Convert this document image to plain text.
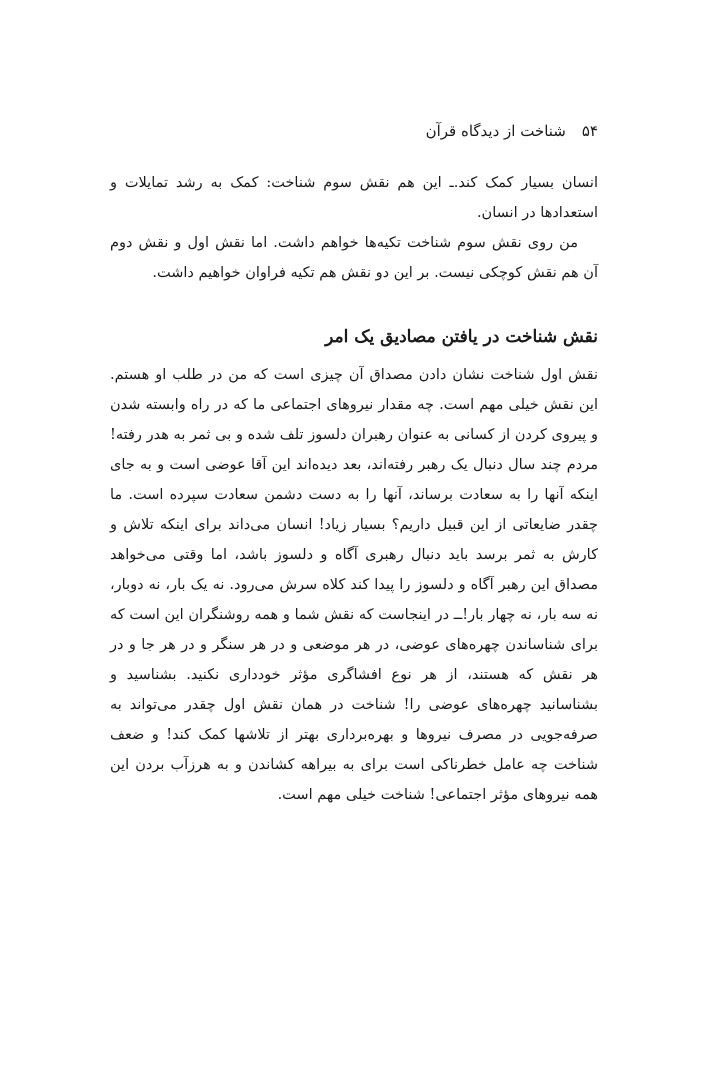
۵۴
شناخت از دیدگاه قرآن

انسان بسیار کمک کند.ـ این هم نقش سوم شناخت: کمک به رشد تمایلات و استعدادها در انسان.

من روی نقش سوم شناخت تکیه‌ها خواهم داشت. اما نقش اول و نقش دوم آن هم نقش کوچکی نیست. بر این دو نقش هم تکیه فراوان خواهیم داشت.

نقش شناخت در یافتن مصادیق یک امر

نقش اول شناخت نشان دادن مصداق آن چیزی است که من در طلب او هستم. این نقش خیلی مهم است. چه مقدار نیروهای اجتماعی ما که در راه وابسته شدن و پیروی کردن از کسانی به عنوان رهبران دلسوز تلف شده و بی ثمر به هدر رفته! مردم چند سال دنبال یک رهبر رفته‌اند، بعد دیده‌اند این آقا عوضی است و به جای اینکه آنها را به سعادت برساند، آنها را به دست دشمن سعادت سپرده است. ما چقدر ضایعاتی از این قبیل داریم؟ بسیار زیاد! انسان می‌داند برای اینکه تلاش و کارش به ثمر برسد باید دنبال رهبری آگاه و دلسوز باشد، اما وقتی می‌خواهد مصداق این رهبر آگاه و دلسوز را پیدا کند کلاه سرش می‌رود. نه یک بار، نه دوبار، نه سه بار، نه چهار بار!ــ در اینجاست که نقش شما و همه روشنگران این است که برای شناساندن چهره‌های عوضی، در هر موضعی و در هر سنگر و در هر جا و در هر نقش که هستند، از هر نوع افشاگری مؤثر خودداری نکنید. بشناسید و بشناسانید چهره‌های عوضی را! شناخت در همان نقش اول چقدر می‌تواند به صرفه‌جویی در مصرف نیروها و بهره‌برداری بهتر از تلاشها کمک کند! و ضعف شناخت چه عامل خطرناکی است برای به بیراهه کشاندن و به هرزآب بردن این همه نیروهای مؤثر اجتماعی! شناخت خیلی مهم است.
